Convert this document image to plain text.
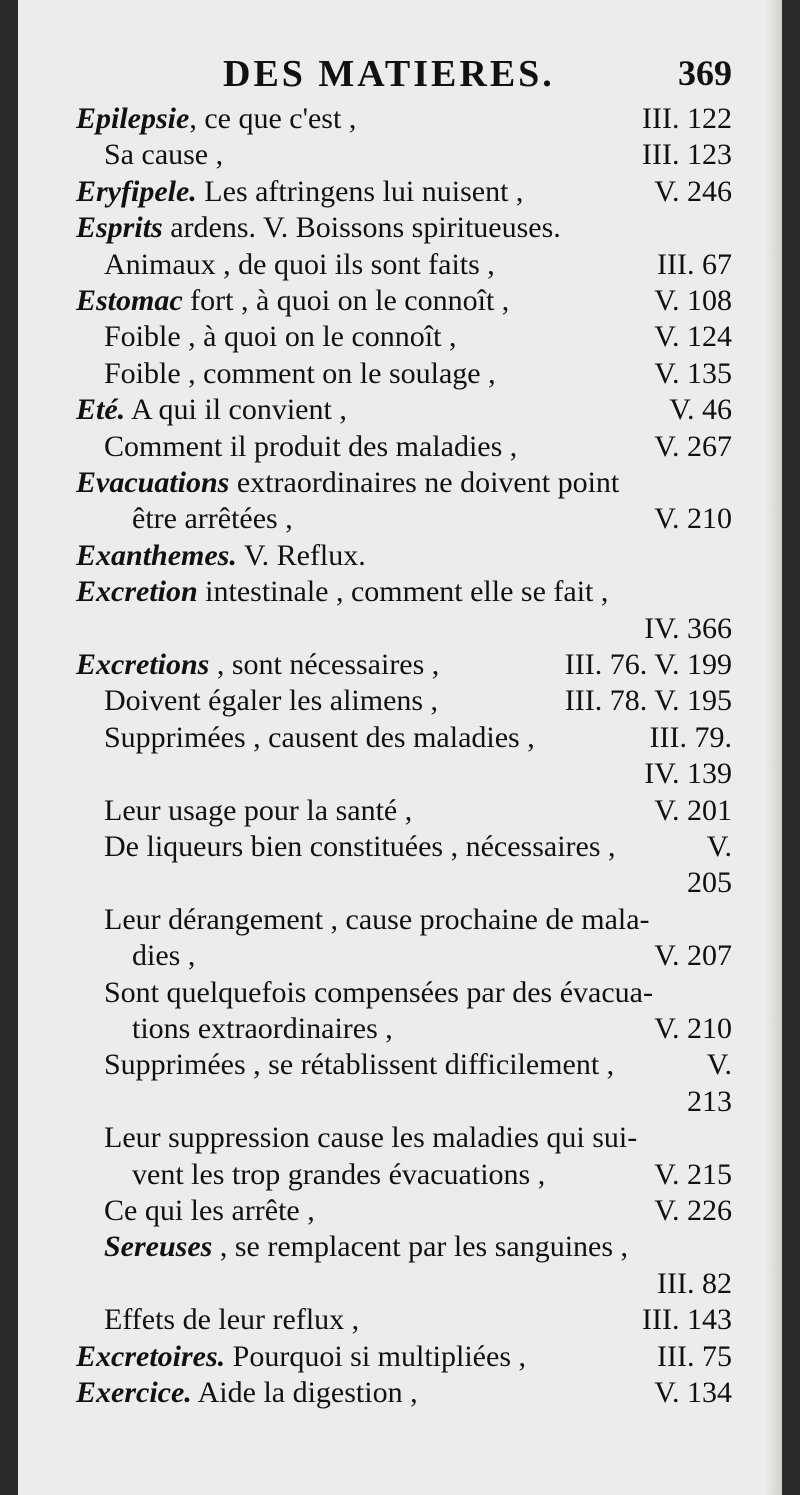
DES MATIERES.	369
Epilepsie, ce que c'est ,	III. 122
Sa cause ,	III. 123
Eryfipele. Les aftringens lui nuisent ,	V. 246
Esprits ardens. V. Boissons spiritueuses.
Animaux , de quoi ils sont faits ,	III. 67
Estomac fort , à quoi on le connoît ,	V. 108
Foible , à quoi on le connoît ,	V. 124
Foible , comment on le soulage ,	V. 135
Eté. A qui il convient ,	V. 46
Comment il produit des maladies ,	V. 267
Evacuations extraordinaires ne doivent point
être arrêtées ,	V. 210
Exanthemes. V. Reflux.
Excretion intestinale , comment elle se fait ,
IV. 366
Excretions , sont nécessaires ,	III. 76. V. 199
Doivent égaler les alimens ,	III. 78. V. 195
Supprimées , causent des maladies ,	III. 79.
IV. 139
Leur usage pour la santé ,	V. 201
De liqueurs bien constituées , nécessaires ,	V.
205
Leur dérangement , cause prochaine de mala-
dies ,	V. 207
Sont quelquefois compensées par des évacua-
tions extraordinaires ,	V. 210
Supprimées , se rétablissent difficilement ,	V.
213
Leur suppression cause les maladies qui sui-
vent les trop grandes évacuations ,	V. 215
Ce qui les arrête ,	V. 226
Sereuses , se remplacent par les sanguines ,
III. 82
Effets de leur reflux ,	III. 143
Excretoires. Pourquoi si multipliées ,	III. 75
Exercice. Aide la digestion ,	V. 134
